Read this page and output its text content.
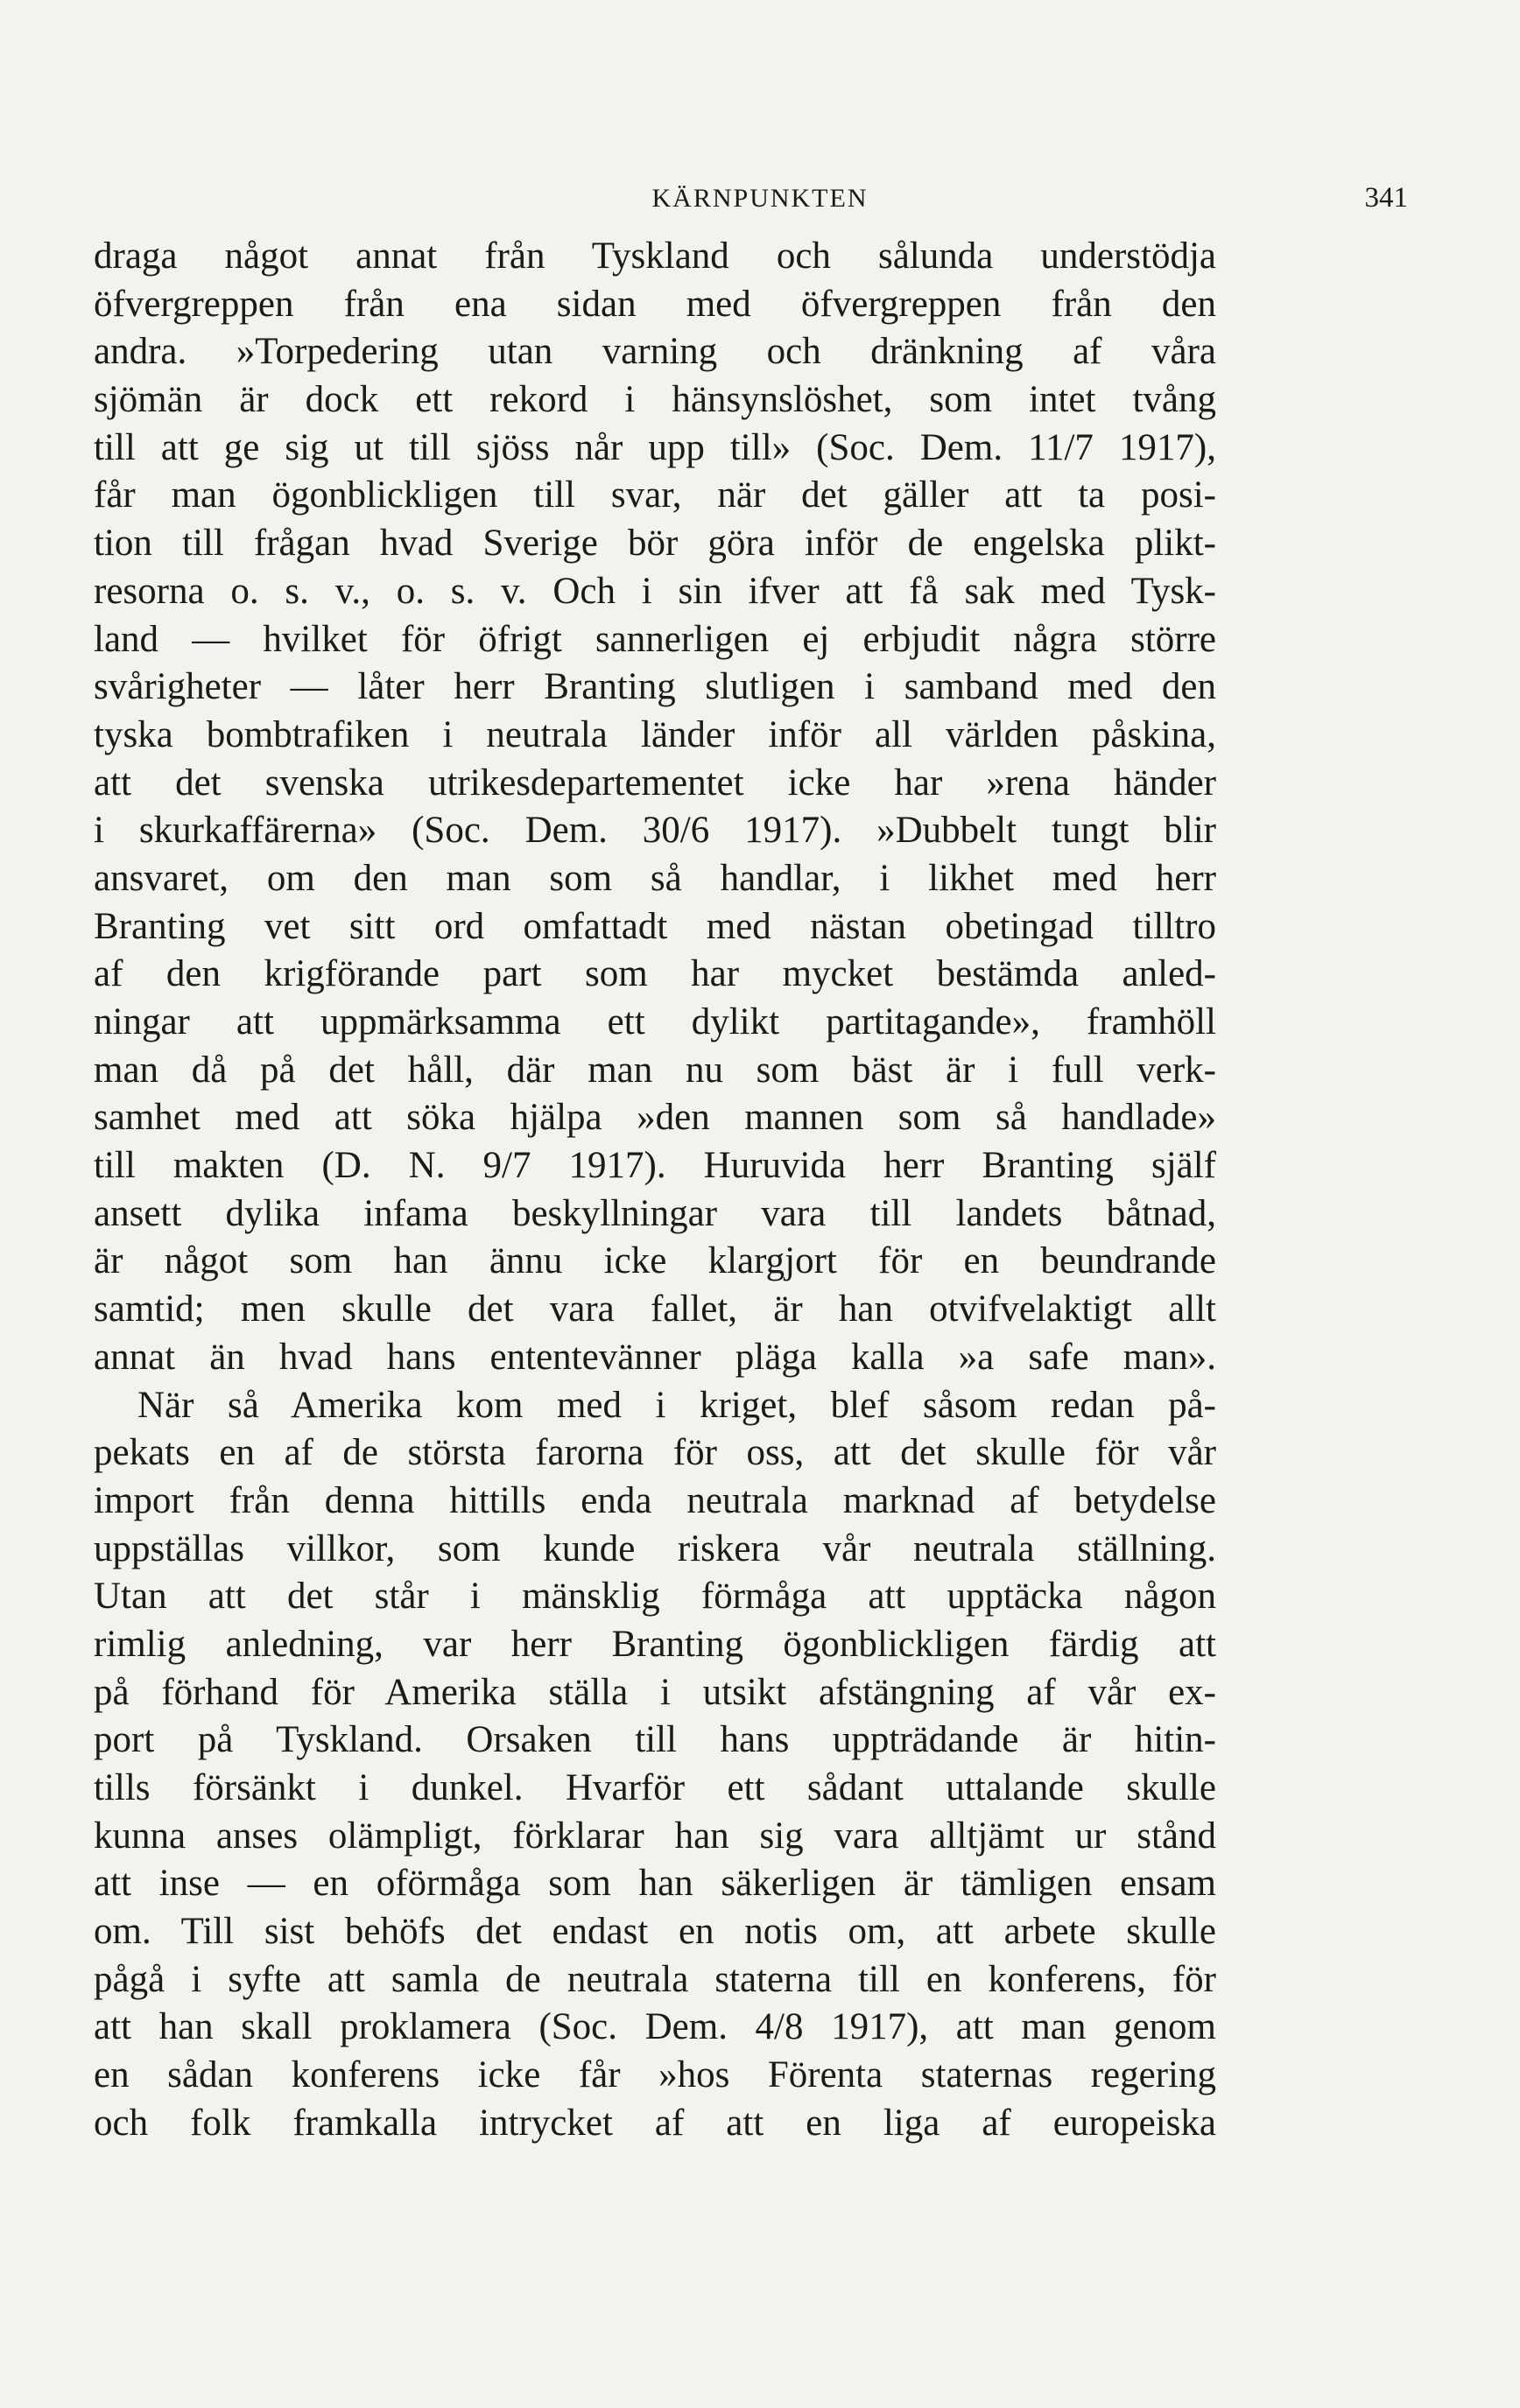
KÄRNPUNKTEN	341
draga något annat från Tyskland och sålunda understödja
öfvergreppen från ena sidan med öfvergreppen från den
andra. »Torpedering utan varning och dränkning af våra
sjömän är dock ett rekord i hänsynslöshet, som intet tvång
till att ge sig ut till sjöss når upp till» (Soc. Dem. 11/7 1917),
får man ögonblickligen till svar, när det gäller att ta posi-
tion till frågan hvad Sverige bör göra inför de engelska plikt-
resorna o. s. v., o. s. v. Och i sin ifver att få sak med Tysk-
land — hvilket för öfrigt sannerligen ej erbjudit några större
svårigheter — låter herr Branting slutligen i samband med den
tyska bombtrafiken i neutrala länder inför all världen påskina,
att det svenska utrikesdepartementet icke har »rena händer
i skurkaffärerna» (Soc. Dem. 30/6 1917). »Dubbelt tungt blir
ansvaret, om den man som så handlar, i likhet med herr
Branting vet sitt ord omfattadt med nästan obetingad tilltro
af den krigförande part som har mycket bestämda anled-
ningar att uppmärksamma ett dylikt partitagande», framhöll
man då på det håll, där man nu som bäst är i full verk-
samhet med att söka hjälpa »den mannen som så handlade»
till makten (D. N. 9/7 1917). Huruvida herr Branting själf
ansett dylika infama beskyllningar vara till landets båtnad,
är något som han ännu icke klargjort för en beundrande
samtid; men skulle det vara fallet, är han otvifvelaktigt allt
annat än hvad hans ententevänner pläga kalla »a safe man».
När så Amerika kom med i kriget, blef såsom redan på-
pekats en af de största farorna för oss, att det skulle för vår
import från denna hittills enda neutrala marknad af betydelse
uppställas villkor, som kunde riskera vår neutrala ställning.
Utan att det står i mänsklig förmåga att upptäcka någon
rimlig anledning, var herr Branting ögonblickligen färdig att
på förhand för Amerika ställa i utsikt afstängning af vår ex-
port på Tyskland. Orsaken till hans uppträdande är hitin-
tills försänkt i dunkel. Hvarför ett sådant uttalande skulle
kunna anses olämpligt, förklarar han sig vara alltjämt ur stånd
att inse — en oförmåga som han säkerligen är tämligen ensam
om. Till sist behöfs det endast en notis om, att arbete skulle
pågå i syfte att samla de neutrala staterna till en konferens, för
att han skall proklamera (Soc. Dem. 4/8 1917), att man genom
en sådan konferens icke får »hos Förenta staternas regering
och folk framkalla intrycket af att en liga af europeiska
